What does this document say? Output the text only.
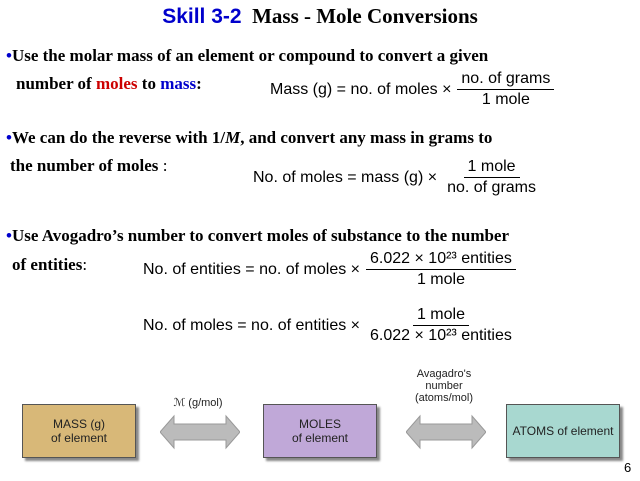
Skill 3-2 Mass - Mole Conversions
•Use the molar mass of an element or compound to convert a given
number of moles to mass:	Mass (g) = no. of moles × $\frac{\text{no. of grams}}{\text{1 mole}}$
•We can do the reverse with 1/M, and convert any mass in grams to
the number of moles :
No. of moles = mass $(g) \times \frac{\text{1 mole}}{\text{no. of grams}}$
•Use Avogadro’s number to convert moles of substance to the number
of entities:	No. of entities = no. of moles × $\frac{\text{6.022 × 10²³ entities}}{\text{1 mole}}$
No. of moles = no. of entities × $\frac{\text{1 mole}}{\text{6.022 × 10²³ entities}}$
MASS (g)
of element
ℳ (g/mol)
MOLES
of element
Avagadro's
number
(atoms/mol)
ATOMS of element
6
